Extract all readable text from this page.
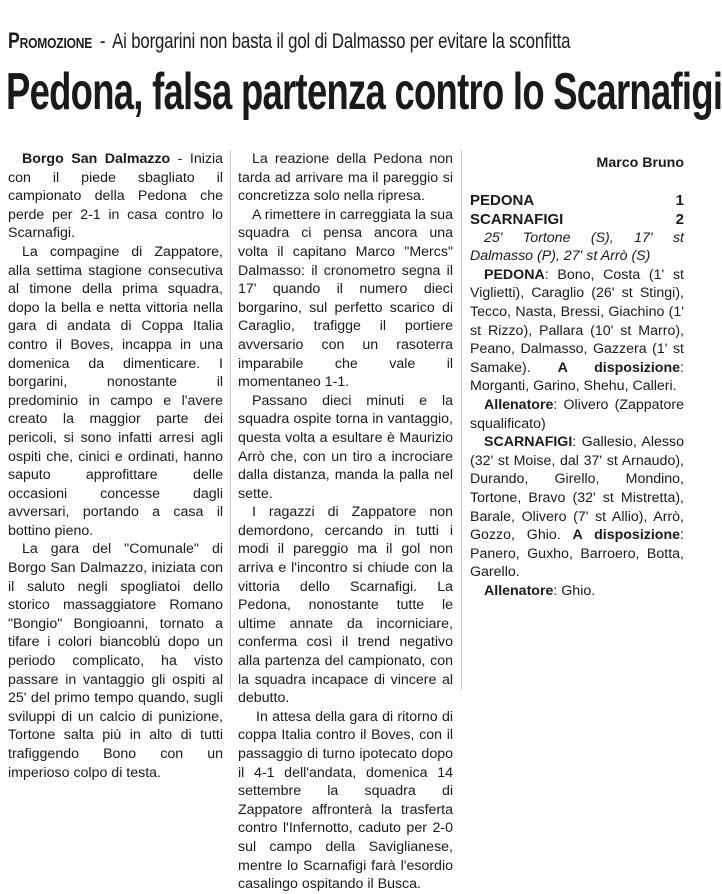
Promozione - Ai borgarini non basta il gol di Dalmasso per evitare la sconfitta
Pedona, falsa partenza contro lo Scarnafigi

Borgo San Dalmazzo - Inizia con il piede sbagliato il campionato della Pedona che perde per 2-1 in casa contro lo Scarnafigi.

La compagine di Zappatore, alla settima stagione consecutiva al timone della prima squadra, dopo la bella e netta vittoria nella gara di andata di Coppa Italia contro il Boves, incappa in una domenica da dimenticare. I borgarini, nonostante il predominio in campo e l'avere creato la maggior parte dei pericoli, si sono infatti arresi agli ospiti che, cinici e ordinati, hanno saputo approfittare delle occasioni concesse dagli avversari, portando a casa il bottino pieno.

La gara del "Comunale" di Borgo San Dalmazzo, iniziata con il saluto negli spogliatoi dello storico massaggiatore Romano "Bongio" Bongioanni, tornato a tifare i colori biancoblù dopo un periodo complicato, ha visto passare in vantaggio gli ospiti al 25' del primo tempo quando, sugli sviluppi di un calcio di punizione, Tortone salta più in alto di tutti trafiggendo Bono con un imperioso colpo di testa.

La reazione della Pedona non tarda ad arrivare ma il pareggio si concretizza solo nella ripresa.

A rimettere in carreggiata la sua squadra ci pensa ancora una volta il capitano Marco "Mercs" Dalmasso: il cronometro segna il 17' quando il numero dieci borgarino, sul perfetto scarico di Caraglio, trafigge il portiere avversario con un rasoterra imparabile che vale il momentaneo 1-1.

Passano dieci minuti e la squadra ospite torna in vantaggio, questa volta a esultare è Maurizio Arrò che, con un tiro a incrociare dalla distanza, manda la palla nel sette.

I ragazzi di Zappatore non demordono, cercando in tutti i modi il pareggio ma il gol non arriva e l'incontro si chiude con la vittoria dello Scarnafigi. La Pedona, nonostante tutte le ultime annate da incorniciare, conferma così il trend negativo alla partenza del campionato, con la squadra incapace di vincere al debutto.

In attesa della gara di ritorno di coppa Italia contro il Boves, con il passaggio di turno ipotecato dopo il 4-1 dell'andata, domenica 14 settembre la squadra di Zappatore affronterà la trasferta contro l'Infernotto, caduto per 2-0 sul campo della Saviglianese, mentre lo Scarnafigi farà l'esordio casalingo ospitando il Busca.

Marco Bruno

PEDONA	1
SCARNAFIGI	2

25' Tortone (S), 17' st Dalmasso (P), 27' st Arrò (S)

PEDONA: Bono, Costa (1' st Viglietti), Caraglio (26' st Stingi), Tecco, Nasta, Bressi, Giachino (1' st Rizzo), Pallara (10' st Marro), Peano, Dalmasso, Gazzera (1' st Samake). A disposizione: Morganti, Garino, Shehu, Calleri.

Allenatore: Olivero (Zappatore squalificato)

SCARNAFIGI: Gallesio, Alesso (32' st Moise, dal 37' st Arnaudo), Durando, Girello, Mondino, Tortone, Bravo (32' st Mistretta), Barale, Olivero (7' st Allio), Arrò, Gozzo, Ghio. A disposizione: Panero, Guxho, Barroero, Botta, Garello.

Allenatore: Ghio.
